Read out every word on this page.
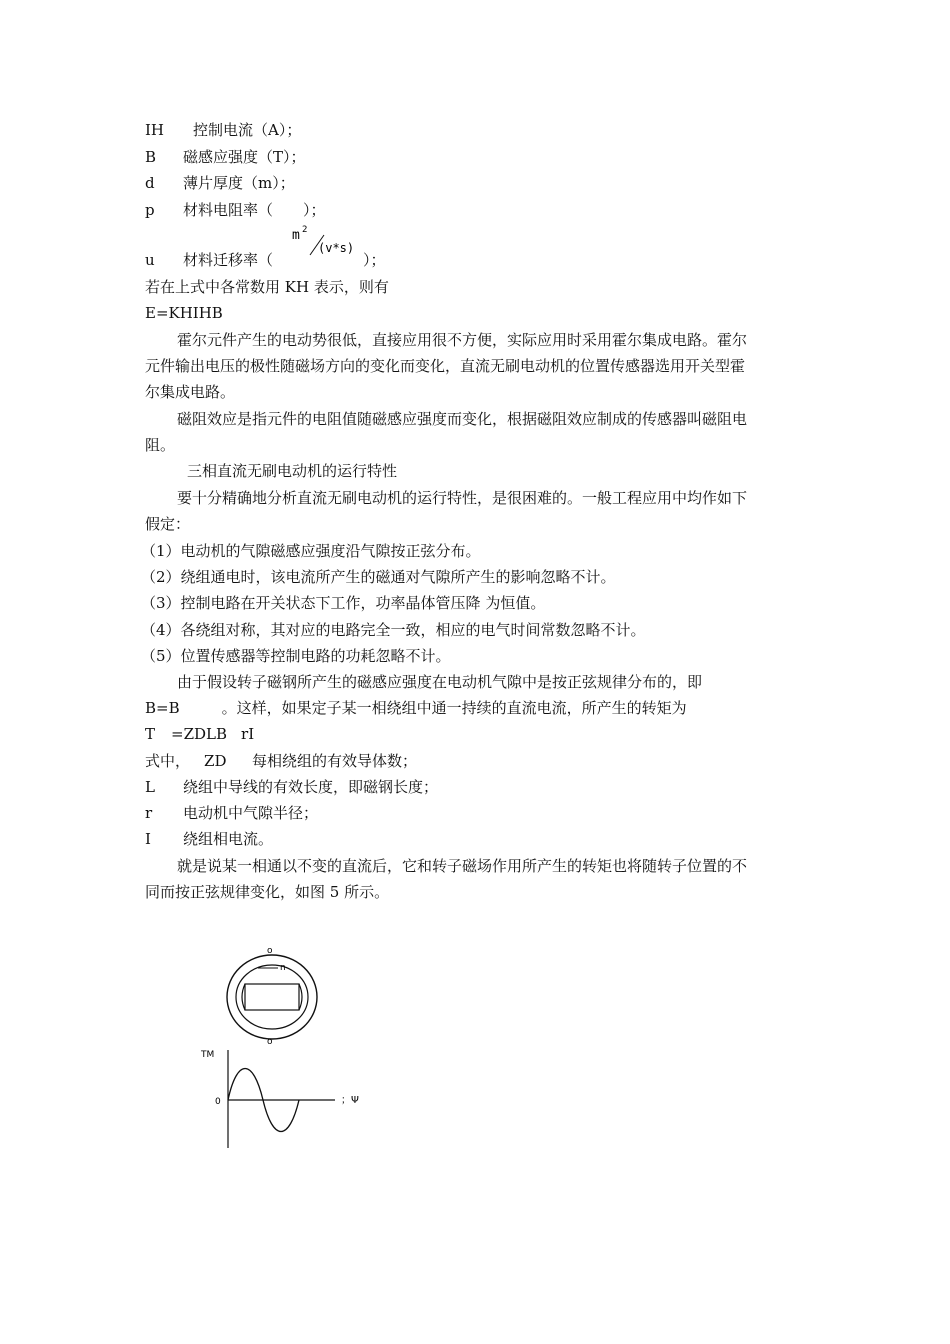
IH 控制电流（A）；
B 磁感应强度（T）；
d 薄片厚度（m）；
p 材料电阻率（　　）；
m 2
(v*s)
u 材料迁移率（　　　　　　）；
若在上式中各常数用 KH 表示，则有
E=KHIHB
霍尔元件产生的电动势很低，直接应用很不方便，实际应用时采用霍尔集成电路。霍尔
元件输出电压的极性随磁场方向的变化而变化，直流无刷电动机的位置传感器选用开关型霍
尔集成电路。
磁阻效应是指元件的电阻值随磁感应强度而变化，根据磁阻效应制成的传感器叫磁阻电
阻。
三相直流无刷电动机的运行特性
要十分精确地分析直流无刷电动机的运行特性，是很困难的。一般工程应用中均作如下
假定：
（1）电动机的气隙磁感应强度沿气隙按正弦分布。
（2）绕组通电时，该电流所产生的磁通对气隙所产生的影响忽略不计。
（3）控制电路在开关状态下工作，功率晶体管压降 为恒值。
（4）各绕组对称，其对应的电路完全一致，相应的电气时间常数忽略不计。
（5）位置传感器等控制电路的功耗忽略不计。
由于假设转子磁钢所产生的磁感应强度在电动机气隙中是按正弦规律分布的，即
B=B	。这样，如果定子某一相绕组中通一持续的直流电流，所产生的转矩为
T =ZDLB rI
式中， ZD 每相绕组的有效导体数；
L 绕组中导线的有效长度，即磁钢长度；
r 电动机中气隙半径；
I 绕组相电流。
就是说某一相通以不变的直流后，它和转子磁场作用所产生的转矩也将随转子位置的不
同而按正弦规律变化，如图 5 所示。
o
n
o
TM
0	；Ψ
